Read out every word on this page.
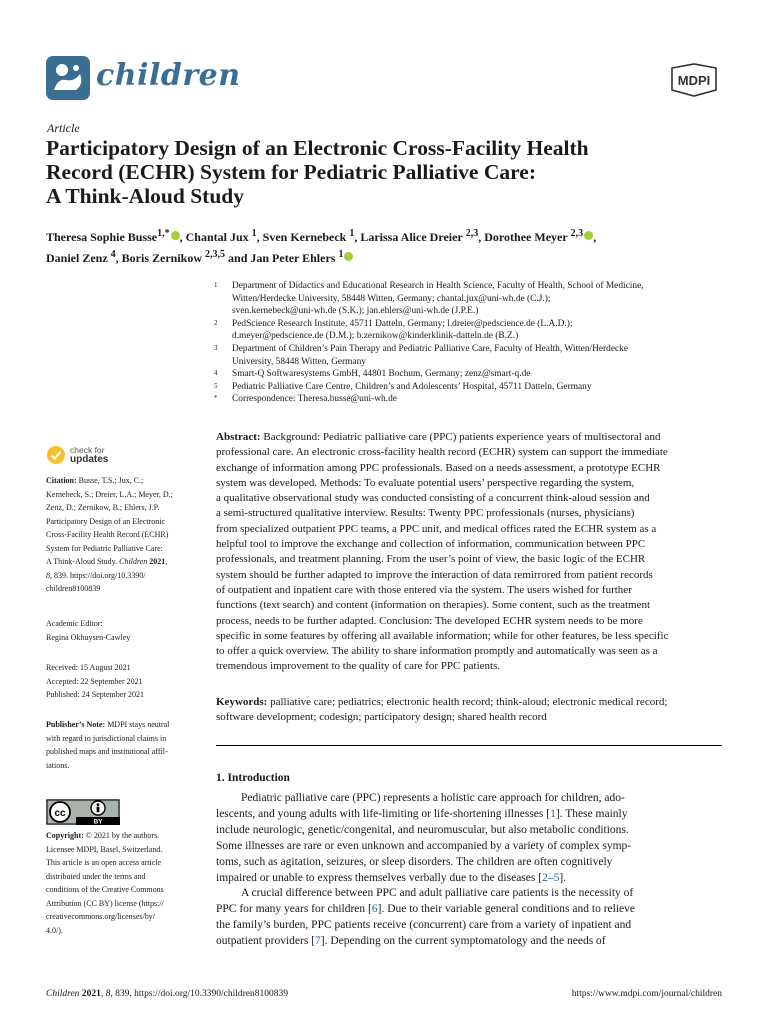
children	MDPI
Article
Participatory Design of an Electronic Cross-Facility Health
Record (ECHR) System for Pediatric Palliative Care:
A Think-Aloud Study
Theresa Sophie Busse$^{1,*}$ , Chantal Jux $^1$, Sven Kernebeck $^1$, Larissa Alice Dreier $^{2,3}$, Dorothee Meyer $^{2,3}$ ,
Daniel Zenz $^4$, Boris Zernikow $^{2,3,5}$ and Jan Peter Ehlers $^1$
1	Department of Didactics and Educational Research in Health Science, Faculty of Health, School of Medicine,
Witten/Herdecke University, 58448 Witten, Germany; chantal.jux@uni-wh.de (C.J.);
sven.kernebeck@uni-wh.de (S.K.); jan.ehlers@uni-wh.de (J.P.E.)
2	PedScience Research Institute, 45711 Datteln, Germany; l.dreier@pedscience.de (L.A.D.);
d.meyer@pedscience.de (D.M.); b.zernikow@kinderklinik-datteln.de (B.Z.)
3	Department of Children’s Pain Therapy and Pediatric Palliative Care, Faculty of Health, Witten/Herdecke
University, 58448 Witten, Germany
4	Smart-Q Softwaresystems GmbH, 44801 Bochum, Germany; zenz@smart-q.de
5	Pediatric Palliative Care Centre, Children’s and Adolescents’ Hospital, 45711 Datteln, Germany
*	Correspondence: Theresa.busse@uni-wh.de
check for
updates
Citation: Busse, T.S.; Jux, C.;
Kernebeck, S.; Dreier, L.A.; Meyer, D.;
Zenz, D.; Zernikow, B.; Ehlers, J.P.
Participatory Design of an Electronic
Cross-Facility Health Record (ECHR)
System for Pediatric Palliative Care:
A Think-Aloud Study. Children 2021,
8, 839. https://doi.org/10.3390/
children8100839
Academic Editor:
Regina Okhuysen-Cawley
Received: 15 August 2021
Accepted: 22 September 2021
Published: 24 September 2021
Publisher’s Note: MDPI stays neutral
with regard to jurisdictional claims in
published maps and institutional affil-
iations.
cc
BY
Copyright: © 2021 by the authors.
Licensee MDPI, Basel, Switzerland.
This article is an open access article
distributed under the terms and
conditions of the Creative Commons
Attribution (CC BY) license (https://
creativecommons.org/licenses/by/
4.0/).
Abstract: Background: Pediatric palliative care (PPC) patients experience years of multisectoral and
professional care. An electronic cross-facility health record (ECHR) system can support the immediate
exchange of information among PPC professionals. Based on a needs assessment, a prototype ECHR
system was developed. Methods: To evaluate potential users’ perspective regarding the system,
a qualitative observational study was conducted consisting of a concurrent think-aloud session and
a semi-structured qualitative interview. Results: Twenty PPC professionals (nurses, physicians)
from specialized outpatient PPC teams, a PPC unit, and medical offices rated the ECHR system as a
helpful tool to improve the exchange and collection of information, communication between PPC
professionals, and treatment planning. From the user’s point of view, the basic logic of the ECHR
system should be further adapted to improve the interaction of data remirrored from patient records
of outpatient and inpatient care with those entered via the system. The users wished for further
functions (text search) and content (information on therapies). Some content, such as the treatment
process, needs to be further adapted. Conclusion: The developed ECHR system needs to be more
specific in some features by offering all available information; while for other features, be less specific
to offer a quick overview. The ability to share information promptly and automatically was seen as a
tremendous improvement to the quality of care for PPC patients.
Keywords: palliative care; pediatrics; electronic health record; think-aloud; electronic medical record;
software development; codesign; participatory design; shared health record
1. Introduction
Pediatric palliative care (PPC) represents a holistic care approach for children, ado-
lescents, and young adults with life-limiting or life-shortening illnesses [1]. These mainly
include neurologic, genetic/congenital, and neuromuscular, but also metabolic conditions.
Some illnesses are rare or even unknown and accompanied by a variety of complex symp-
toms, such as agitation, seizures, or sleep disorders. The children are often cognitively
impaired or unable to express themselves verbally due to the diseases [2–5].
A crucial difference between PPC and adult palliative care patients is the necessity of
PPC for many years for children [6]. Due to their variable general conditions and to relieve
the family’s burden, PPC patients receive (concurrent) care from a variety of inpatient and
outpatient providers [7]. Depending on the current symptomatology and the needs of
Children 2021, 8, 839. https://doi.org/10.3390/children8100839	https://www.mdpi.com/journal/children
